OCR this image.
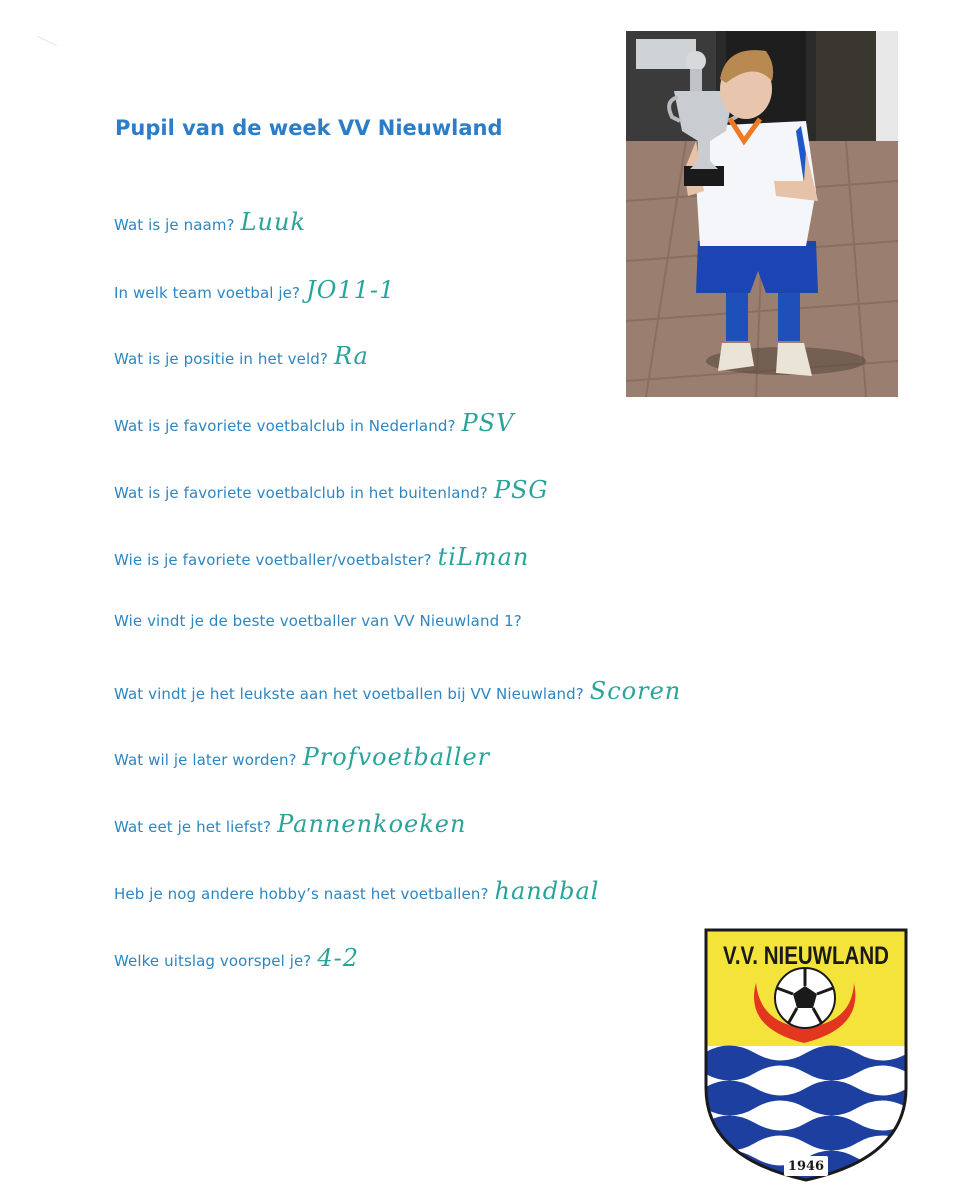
Pupil van de week VV Nieuwland
Wat is je naam? Luuk
In welk team voetbal je? JO11-1
Wat is je positie in het veld? Ra
Wat is je favoriete voetbalclub in Nederland? PSV
Wat is je favoriete voetbalclub in het buitenland? PSG
Wie is je favoriete voetballer/voetbalster? tiLman
Wie vindt je de beste voetballer van VV Nieuwland 1?
Wat vindt je het leukste aan het voetballen bij VV Nieuwland? Scoren
Wat wil je later worden? Profvoetballer
Wat eet je het liefst? Pannenkoeken
Heb je nog andere hobby’s naast het voetballen? handbal
Welke uitslag voorspel je? 4-2	V.V. NIEUWLAND
1946
